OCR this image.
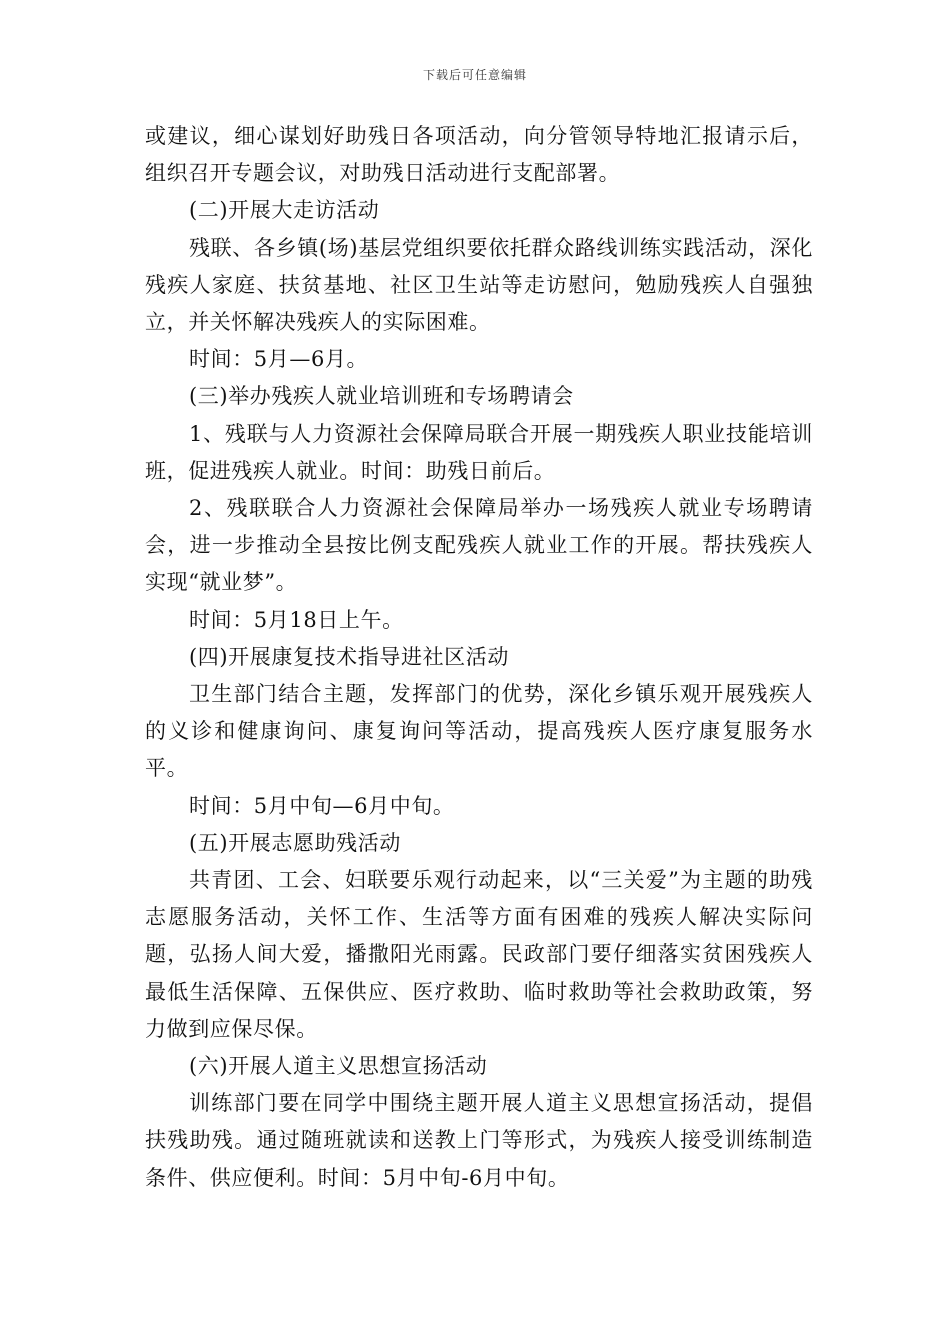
下载后可任意编辑

或建议，细心谋划好助残日各项活动，向分管领导特地汇报请示后，组织召开专题会议，对助残日活动进行支配部署。

(二)开展大走访活动

残联、各乡镇(场)基层党组织要依托群众路线训练实践活动，深化残疾人家庭、扶贫基地、社区卫生站等走访慰问，勉励残疾人自强独立，并关怀解决残疾人的实际困难。

时间：5月—6月。

(三)举办残疾人就业培训班和专场聘请会

1、残联与人力资源社会保障局联合开展一期残疾人职业技能培训班，促进残疾人就业。时间：助残日前后。

2、残联联合人力资源社会保障局举办一场残疾人就业专场聘请会，进一步推动全县按比例支配残疾人就业工作的开展。帮扶残疾人实现“就业梦”。

时间：5月18日上午。

(四)开展康复技术指导进社区活动

卫生部门结合主题，发挥部门的优势，深化乡镇乐观开展残疾人的义诊和健康询问、康复询问等活动，提高残疾人医疗康复服务水平。

时间：5月中旬—6月中旬。

(五)开展志愿助残活动

共青团、工会、妇联要乐观行动起来，以“三关爱”为主题的助残志愿服务活动，关怀工作、生活等方面有困难的残疾人解决实际问题，弘扬人间大爱，播撒阳光雨露。民政部门要仔细落实贫困残疾人最低生活保障、五保供应、医疗救助、临时救助等社会救助政策，努力做到应保尽保。

(六)开展人道主义思想宣扬活动

训练部门要在同学中围绕主题开展人道主义思想宣扬活动，提倡扶残助残。通过随班就读和送教上门等形式，为残疾人接受训练制造条件、供应便利。时间：5月中旬-6月中旬。
